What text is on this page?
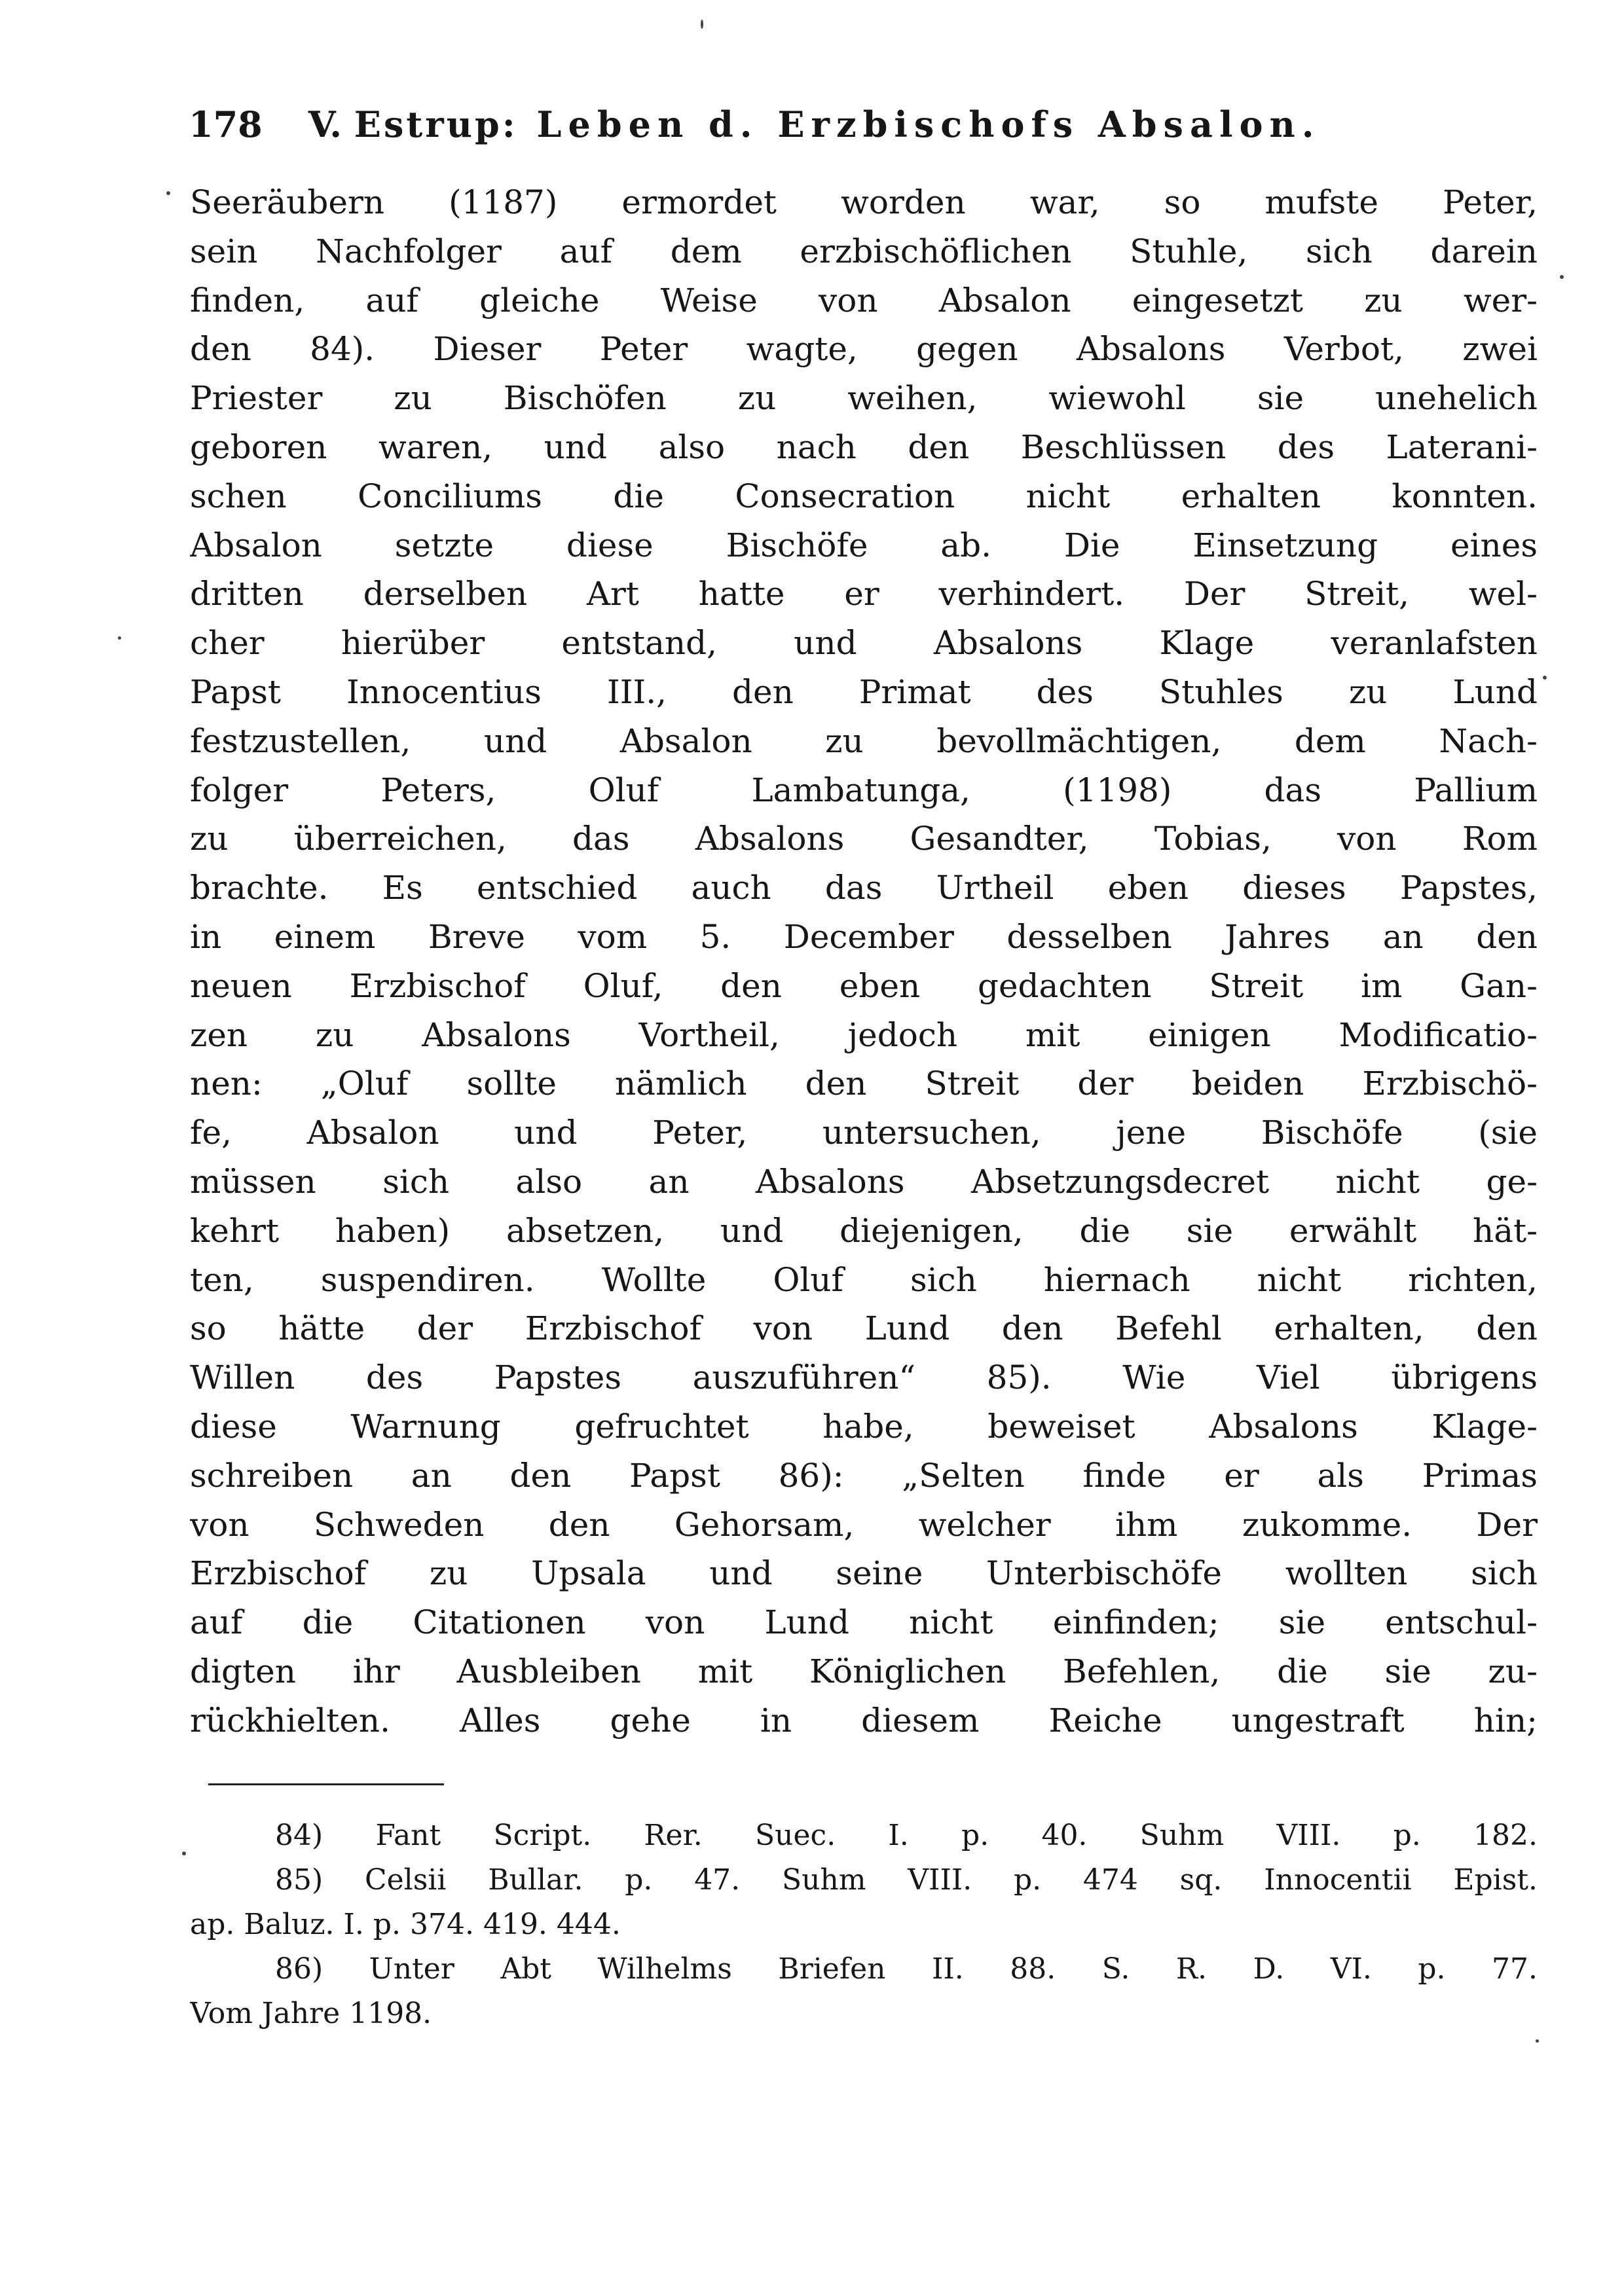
178 V. Estrup: Leben d. Erzbischofs Absalon.
Seeräubern (1187) ermordet worden war, so mufste Peter,
sein Nachfolger auf dem erzbischöflichen Stuhle, sich darein
finden, auf gleiche Weise von Absalon eingesetzt zu wer-
den 84). Dieser Peter wagte, gegen Absalons Verbot, zwei
Priester zu Bischöfen zu weihen, wiewohl sie unehelich
geboren waren, und also nach den Beschlüssen des Laterani-
schen Conciliums die Consecration nicht erhalten konnten.
Absalon setzte diese Bischöfe ab. Die Einsetzung eines
dritten derselben Art hatte er verhindert. Der Streit, wel-
cher hierüber entstand, und Absalons Klage veranlafsten
Papst Innocentius III., den Primat des Stuhles zu Lund
festzustellen, und Absalon zu bevollmächtigen, dem Nach-
folger Peters, Oluf Lambatunga, (1198) das Pallium
zu überreichen, das Absalons Gesandter, Tobias, von Rom
brachte. Es entschied auch das Urtheil eben dieses Papstes,
in einem Breve vom 5. December desselben Jahres an den
neuen Erzbischof Oluf, den eben gedachten Streit im Gan-
zen zu Absalons Vortheil, jedoch mit einigen Modificatio-
nen: „Oluf sollte nämlich den Streit der beiden Erzbischö-
fe, Absalon und Peter, untersuchen, jene Bischöfe (sie
müssen sich also an Absalons Absetzungsdecret nicht ge-
kehrt haben) absetzen, und diejenigen, die sie erwählt hät-
ten, suspendiren. Wollte Oluf sich hiernach nicht richten,
so hätte der Erzbischof von Lund den Befehl erhalten, den
Willen des Papstes auszuführen“ 85). Wie Viel übrigens
diese Warnung gefruchtet habe, beweiset Absalons Klage-
schreiben an den Papst 86): „Selten finde er als Primas
von Schweden den Gehorsam, welcher ihm zukomme. Der
Erzbischof zu Upsala und seine Unterbischöfe wollten sich
auf die Citationen von Lund nicht einfinden; sie entschul-
digten ihr Ausbleiben mit Königlichen Befehlen, die sie zu-
rückhielten. Alles gehe in diesem Reiche ungestraft hin;
84) Fant Script. Rer. Suec. I. p. 40. Suhm VIII. p. 182.
85) Celsii Bullar. p. 47. Suhm VIII. p. 474 sq. Innocentii Epist.
ap. Baluz. I. p. 374. 419. 444.
86) Unter Abt Wilhelms Briefen II. 88. S. R. D. VI. p. 77.
Vom Jahre 1198.
